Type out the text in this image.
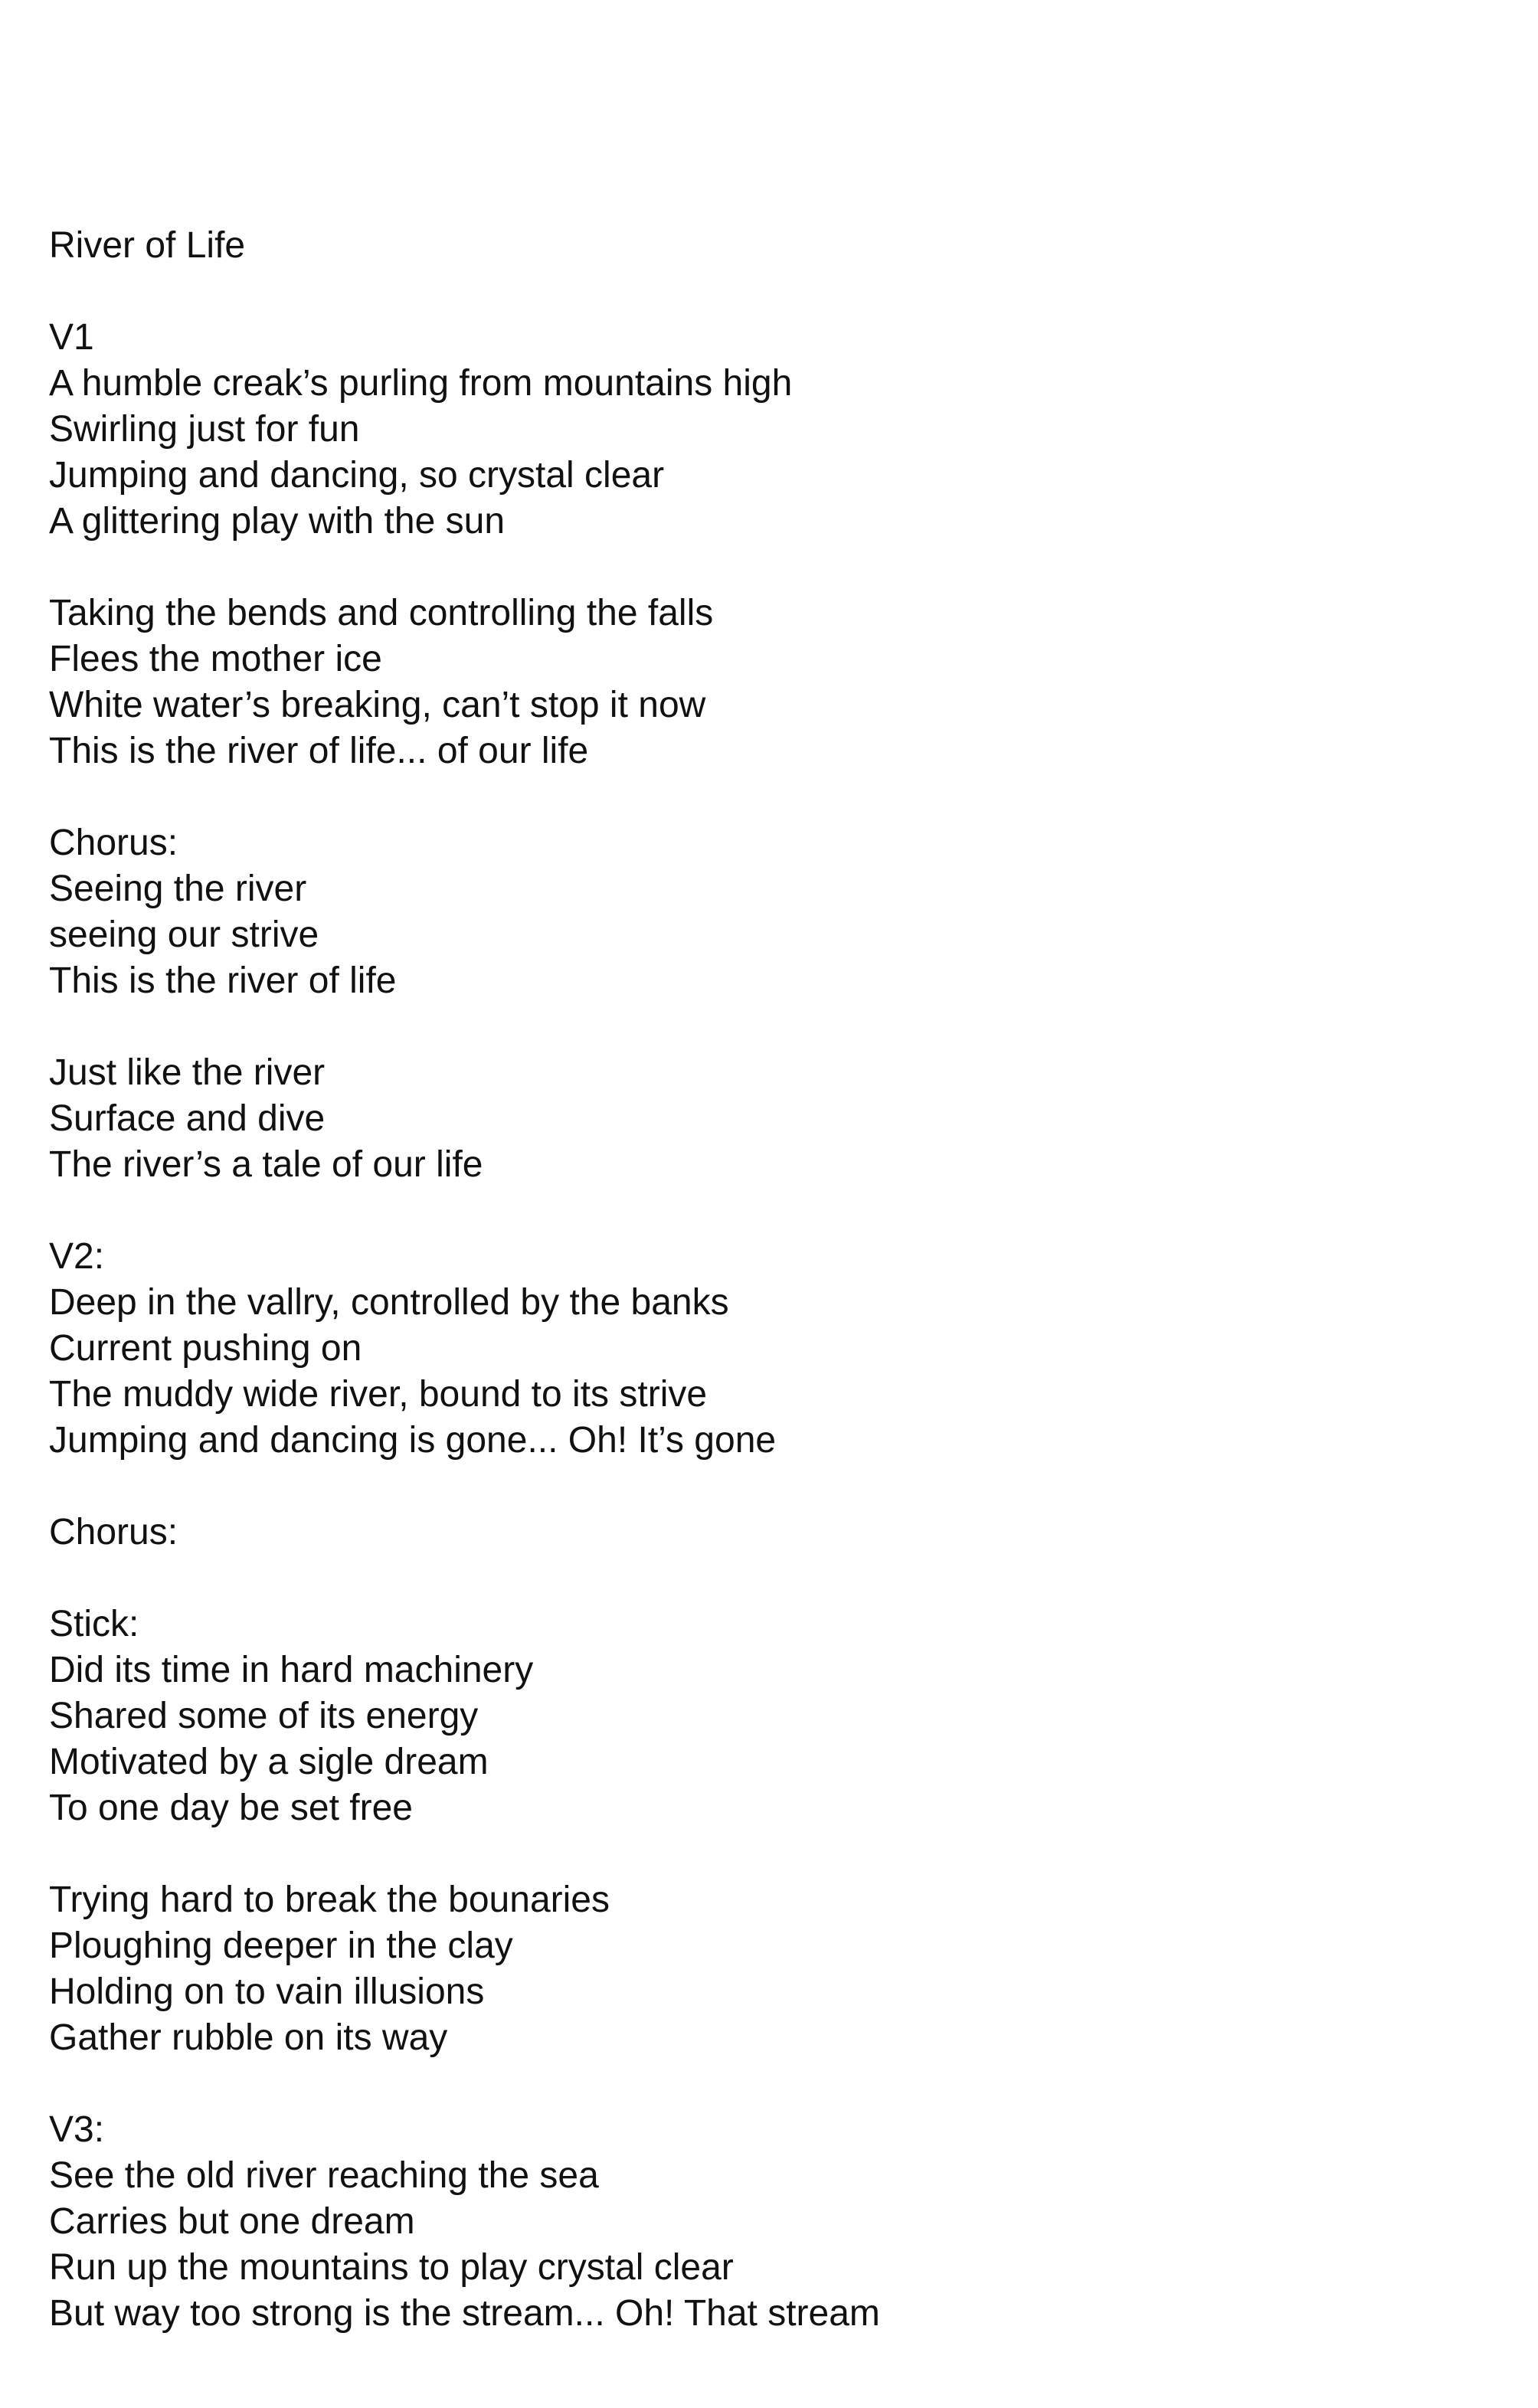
River of Life
V1
A humble creak’s purling from mountains high
Swirling just for fun
Jumping and dancing, so crystal clear
A glittering play with the sun
Taking the bends and controlling the falls
Flees the mother ice
White water’s breaking, can’t stop it now
This is the river of life... of our life
Chorus:
Seeing the river
seeing our strive
This is the river of life
Just like the river
Surface and dive
The river’s a tale of our life
V2:
Deep in the vallry, controlled by the banks
Current pushing on
The muddy wide river, bound to its strive
Jumping and dancing is gone... Oh! It’s gone
Chorus:
Stick:
Did its time in hard machinery
Shared some of its energy
Motivated by a sigle dream
To one day be set free
Trying hard to break the bounaries
Ploughing deeper in the clay
Holding on to vain illusions
Gather rubble on its way
V3:
See the old river reaching the sea
Carries but one dream
Run up the mountains to play crystal clear
But way too strong is the stream... Oh! That stream
